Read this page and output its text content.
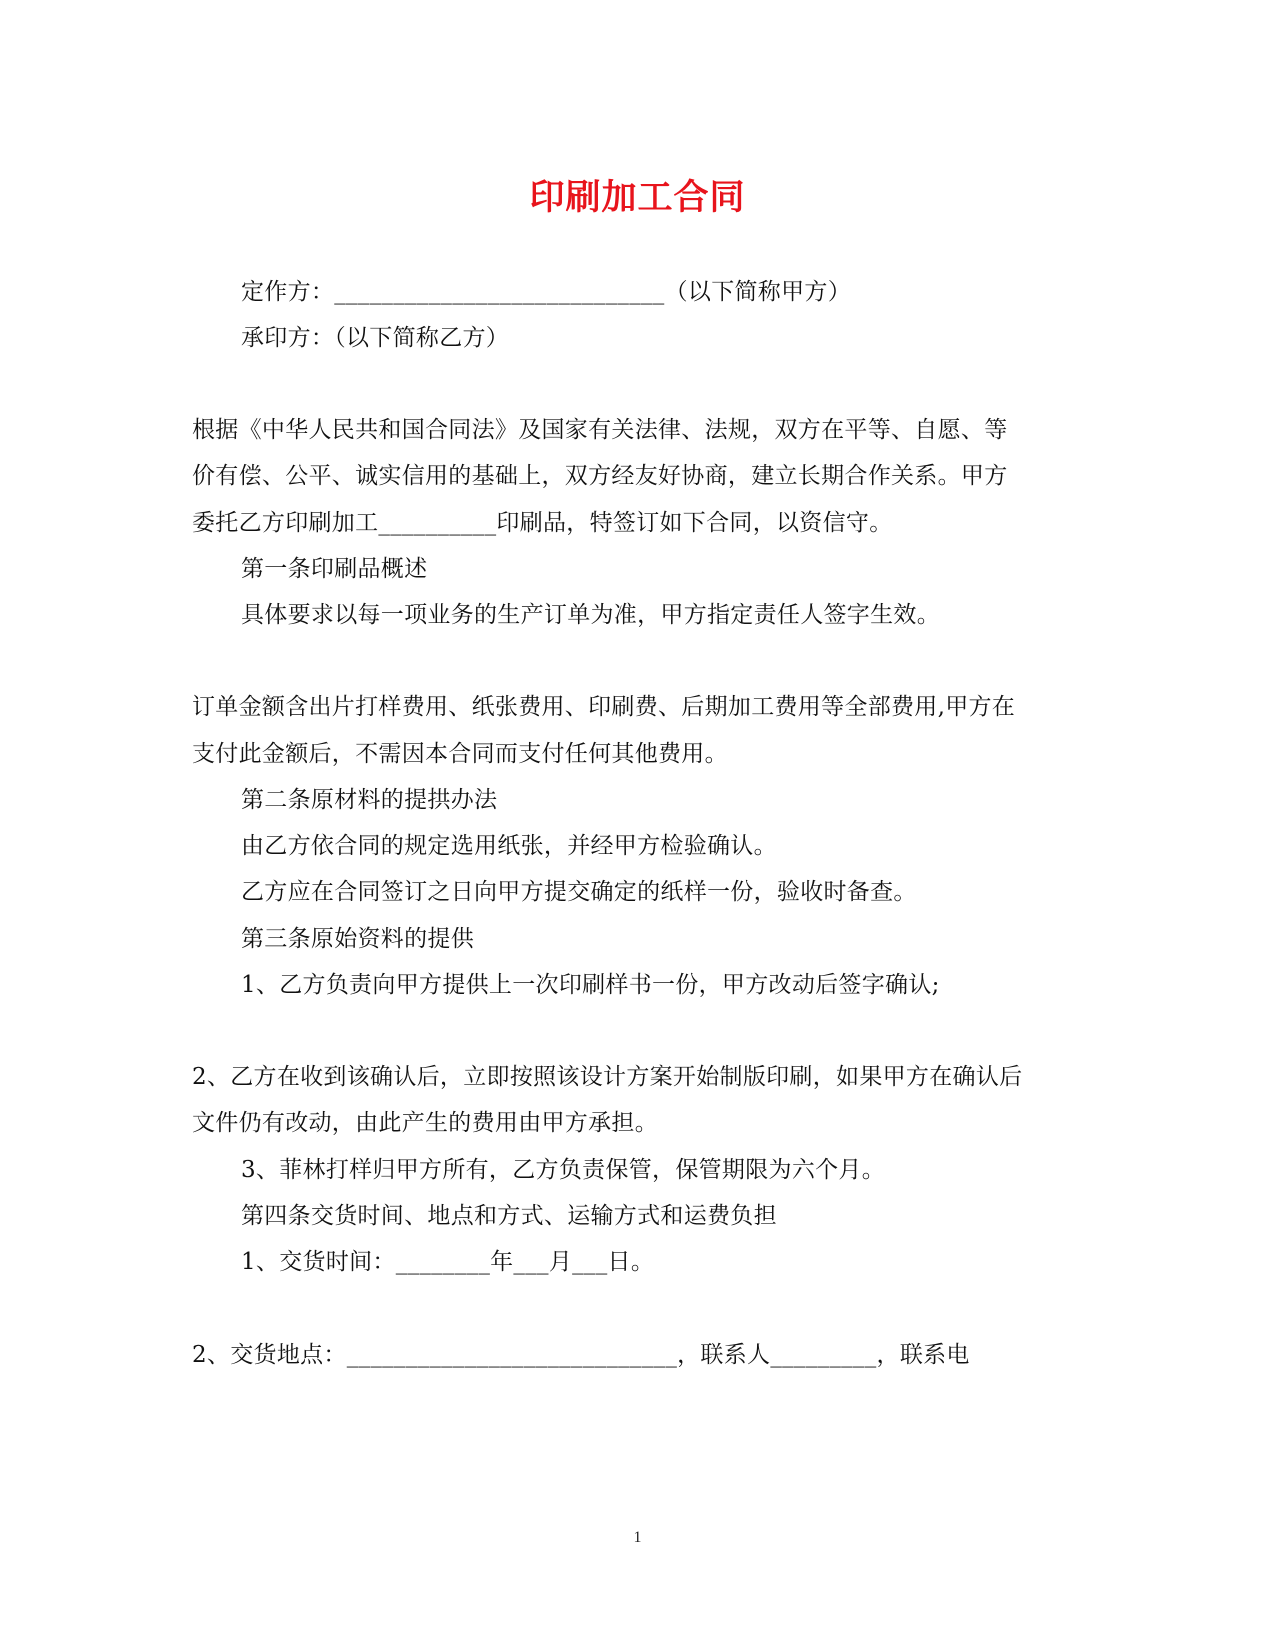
印刷加工合同
定作方：____________________________（以下简称甲方）
承印方：（以下简称乙方）
根据《中华人民共和国合同法》及国家有关法律、法规，双方在平等、自愿、等
价有偿、公平、诚实信用的基础上，双方经友好协商，建立长期合作关系。甲方
委托乙方印刷加工__________印刷品，特签订如下合同，以资信守。
第一条印刷品概述
具体要求以每一项业务的生产订单为准，甲方指定责任人签字生效。
订单金额含出片打样费用、纸张费用、印刷费、后期加工费用等全部费用,甲方在
支付此金额后，不需因本合同而支付任何其他费用。
第二条原材料的提拱办法
由乙方依合同的规定选用纸张，并经甲方检验确认。
乙方应在合同签订之日向甲方提交确定的纸样一份，验收时备查。
第三条原始资料的提供
1、乙方负责向甲方提供上一次印刷样书一份，甲方改动后签字确认;
2、乙方在收到该确认后，立即按照该设计方案开始制版印刷，如果甲方在确认后
文件仍有改动，由此产生的费用由甲方承担。
3、菲林打样归甲方所有，乙方负责保管，保管期限为六个月。
第四条交货时间、地点和方式、运输方式和运费负担
1、交货时间：________年___月___日。
2、交货地点：____________________________，联系人_________，联系电
1
